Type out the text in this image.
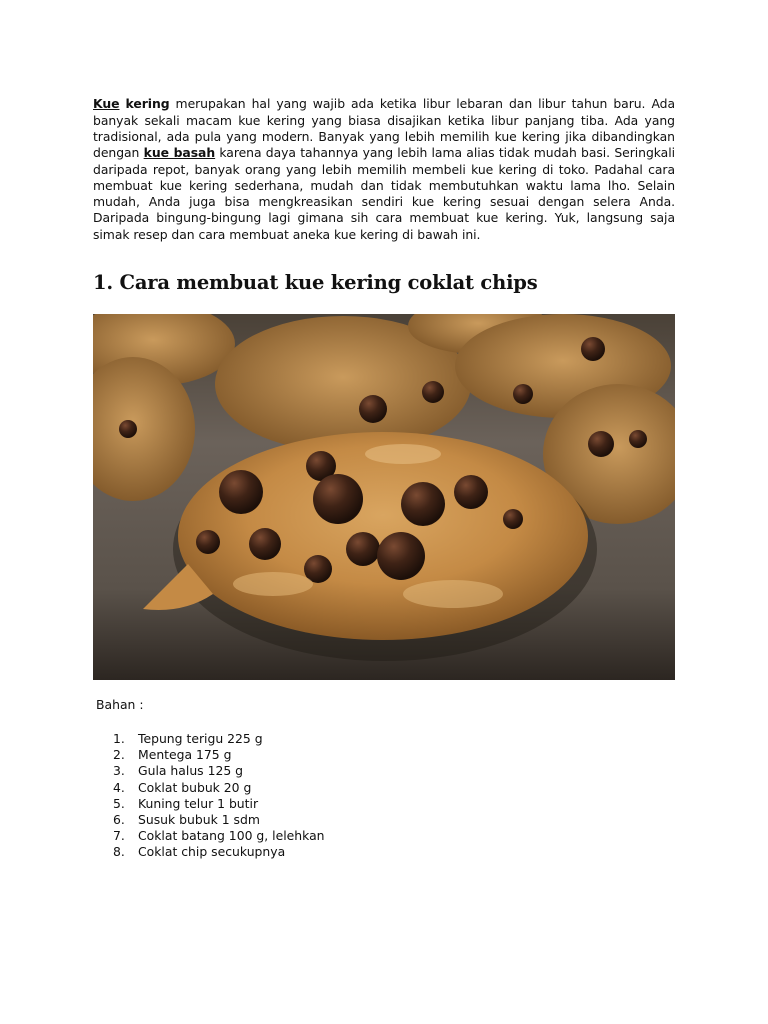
Kue kering merupakan hal yang wajib ada ketika libur lebaran dan libur tahun baru. Ada banyak sekali macam kue kering yang biasa disajikan ketika libur panjang tiba. Ada yang tradisional, ada pula yang modern. Banyak yang lebih memilih kue kering jika dibandingkan dengan kue basah karena daya tahannya yang lebih lama alias tidak mudah basi. Seringkali daripada repot, banyak orang yang lebih memilih membeli kue kering di toko. Padahal cara membuat kue kering sederhana, mudah dan tidak membutuhkan waktu lama lho. Selain mudah, Anda juga bisa mengkreasikan sendiri kue kering sesuai dengan selera Anda. Daripada bingung-bingung lagi gimana sih cara membuat kue kering. Yuk, langsung saja simak resep dan cara membuat aneka kue kering di bawah ini.

1. Cara membuat kue kering coklat chips
Bahan :
1.	Tepung terigu 225 g
2.	Mentega 175 g
3.	Gula halus 125 g
4.	Coklat bubuk 20 g
5.	Kuning telur 1 butir
6.	Susuk bubuk 1 sdm
7.	Coklat batang 100 g, lelehkan
8.	Coklat chip secukupnya
